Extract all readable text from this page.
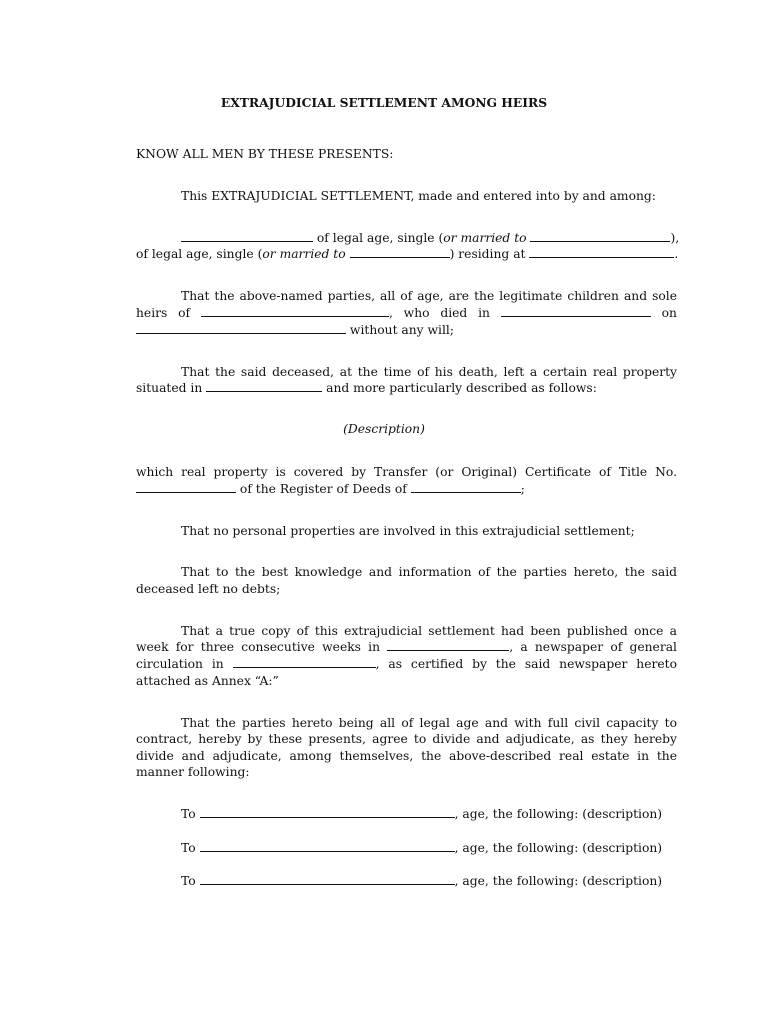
EXTRAJUDICIAL SETTLEMENT AMONG HEIRS
KNOW ALL MEN BY THESE PRESENTS:
This EXTRAJUDICIAL SETTLEMENT, made and entered into by and among:
of legal age, single (or married to	),
of legal age, single (or married to	) residing at	.
That the above-named parties, all of age, are the legitimate children and sole
heirs of	, who died in	on
without any will;
That the said deceased, at the time of his death, left a certain real property
situated in	and more particularly described as follows:
(Description)
which real property is covered by Transfer (or Original) Certificate of Title No.
of the Register of Deeds of	;
That no personal properties are involved in this extrajudicial settlement;
That to the best knowledge and information of the parties hereto, the said
deceased left no debts;
That a true copy of this extrajudicial settlement had been published once a
week for three consecutive weeks in	, a newspaper of general
circulation in	, as certified by the said newspaper hereto
attached as Annex “A:”
That the parties hereto being all of legal age and with full civil capacity to
contract, hereby by these presents, agree to divide and adjudicate, as they hereby
divide and adjudicate, among themselves, the above-described real estate in the
manner following:
To	, age, the following: (description)
To	, age, the following: (description)
To	, age, the following: (description)
